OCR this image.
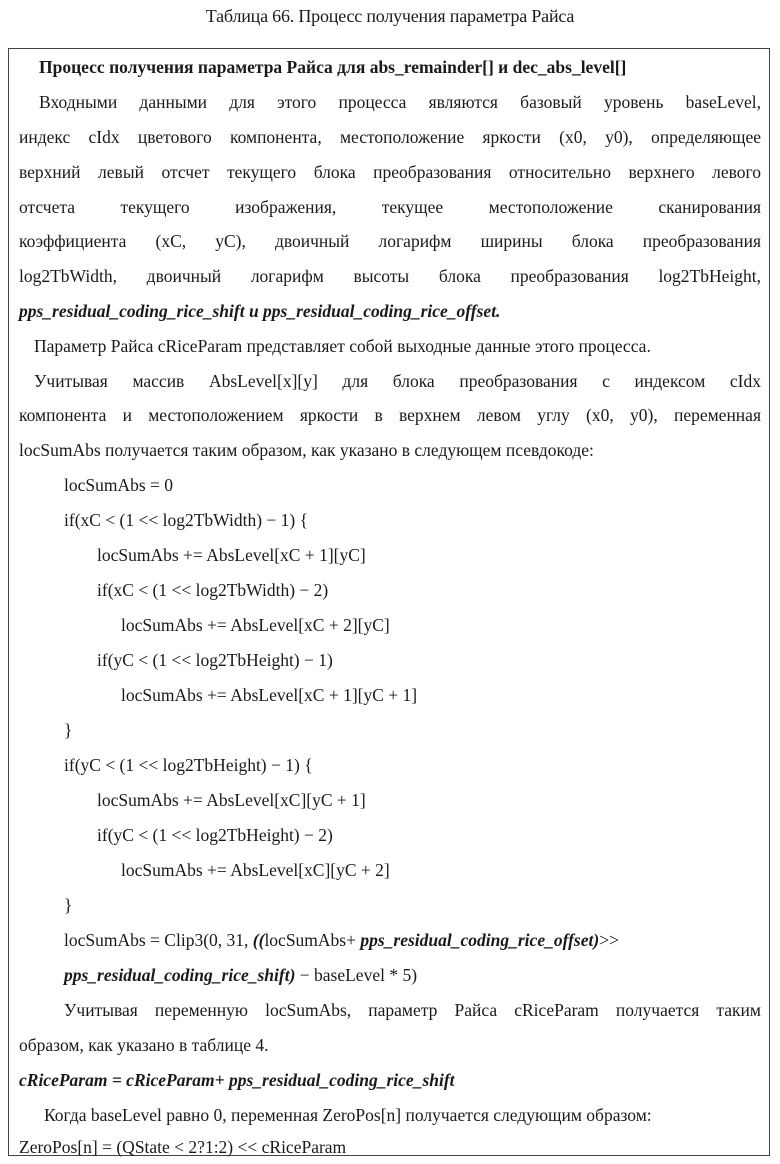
Таблица 66. Процесс получения параметра Райса
Процесс получения параметра Райса для abs_remainder[] и dec_abs_level[]
Входными данными для этого процесса являются базовый уровень baseLevel,
индекс cIdx цветового компонента, местоположение яркости (x0, y0), определяющее
верхний левый отсчет текущего блока преобразования относительно верхнего левого
отсчета текущего изображения, текущее местоположение сканирования
коэффициента (xC, yC), двоичный логарифм ширины блока преобразования
log2TbWidth, двоичный логарифм высоты блока преобразования log2TbHeight,
pps_residual_coding_rice_shift и pps_residual_coding_rice_offset.
Параметр Райса cRiceParam представляет собой выходные данные этого процесса.
Учитывая массив AbsLevel[x][y] для блока преобразования с индексом cIdx
компонента и местоположением яркости в верхнем левом углу (x0, y0), переменная
locSumAbs получается таким образом, как указано в следующем псевдокоде:
locSumAbs = 0
if(xC < (1 << log2TbWidth) − 1) {
locSumAbs += AbsLevel[xC + 1][yC]
if(xC < (1 << log2TbWidth) − 2)
locSumAbs += AbsLevel[xC + 2][yC]
if(yC < (1 << log2TbHeight) − 1)
locSumAbs += AbsLevel[xC + 1][yC + 1]
}
if(yC < (1 << log2TbHeight) − 1) {
locSumAbs += AbsLevel[xC][yC + 1]
if(yC < (1 << log2TbHeight) − 2)
locSumAbs += AbsLevel[xC][yC + 2]
}
locSumAbs = Clip3(0, 31, ((locSumAbs+ pps_residual_coding_rice_offset)>>
pps_residual_coding_rice_shift) − baseLevel * 5)
Учитывая переменную locSumAbs, параметр Райса cRiceParam получается таким
образом, как указано в таблице 4.
cRiceParam = cRiceParam+ pps_residual_coding_rice_shift
Когда baseLevel равно 0, переменная ZeroPos[n] получается следующим образом:
ZeroPos[n] = (QState < 2?1:2) << cRiceParam
